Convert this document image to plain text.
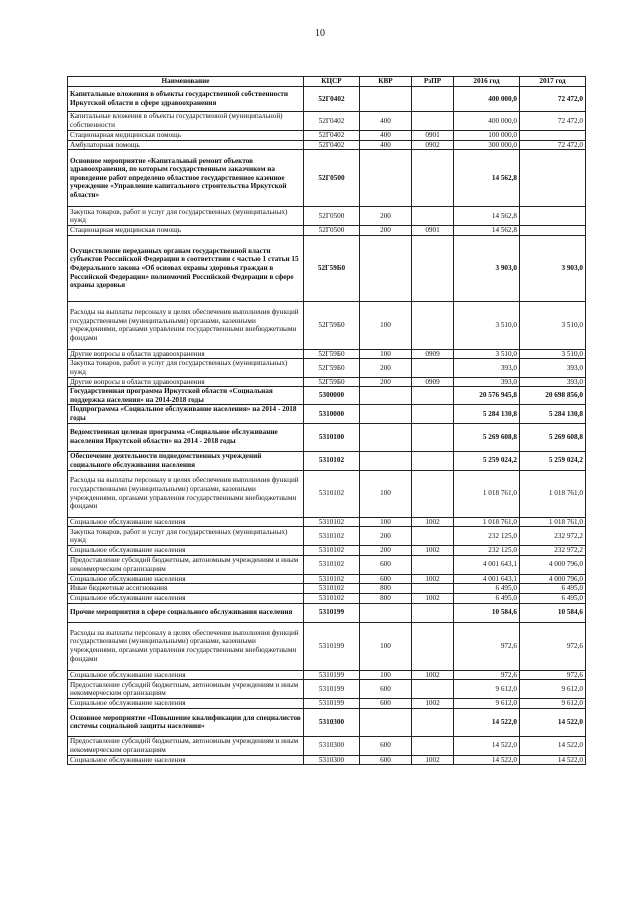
10
Наименование	КЦСР	КВР	РзПР	2016 год	2017 год
Капитальные вложения в объекты государственной собственности Иркутской области в сфере здравоохранения	52Г0402			400 000,0	72 472,0
Капитальные вложения в объекты государственной (муниципальной) собственности	52Г0402	400		400 000,0	72 472,0
Стационарная медицинская помощь	52Г0402	400	0901	100 000,0	
Амбулаторная помощь	52Г0402	400	0902	300 000,0	72 472,0
Основное мероприятие «Капитальный ремонт объектов здравоохранения, по которым государственным заказчиком на проведение работ определено областное государственное казенное учреждение «Управление капитального строительства Иркутской области»	52Г0500			14 562,8	
Закупка товаров, работ и услуг для государственных (муниципальных) нужд	52Г0500	200		14 562,8	
Стационарная медицинская помощь	52Г0500	200	0901	14 562,8	
Осуществление переданных органам государственной власти субъектов Российской Федерации в соответствии с частью 1 статьи 15 Федерального закона «Об основах охраны здоровья граждан в Российской Федерации» полномочий Российской Федерации в сфере охраны здоровья	52Г59Б0			3 903,0	3 903,0
Расходы на выплаты персоналу в целях обеспечения выполнения функций государственными (муниципальными) органами, казенными учреждениями, органами управления государственными внебюджетными фондами	52Г59Б0	100		3 510,0	3 510,0
Другие вопросы в области здравоохранения	52Г59Б0	100	0909	3 510,0	3 510,0
Закупка товаров, работ и услуг для государственных (муниципальных) нужд	52Г59Б0	200		393,0	393,0
Другие вопросы в области здравоохранения	52Г59Б0	200	0909	393,0	393,0
Государственная программа Иркутской области «Социальная поддержка населения» на 2014-2018 годы	5300000			20 576 945,8	20 698 856,0
Подпрограмма «Социальное обслуживание населения» на 2014 - 2018 годы	5310000			5 284 130,8	5 284 130,8
Ведомственная целевая программа «Социальное обслуживание населения Иркутской области» на 2014 - 2018 годы	5310100			5 269 608,8	5 269 608,8
Обеспечение деятельности подведомственных учреждений социального обслуживания населения	5310102			5 259 024,2	5 259 024,2
Расходы на выплаты персоналу в целях обеспечения выполнения функций государственными (муниципальными) органами, казенными учреждениями, органами управления государственными внебюджетными фондами	5310102	100		1 018 761,0	1 018 761,0
Социальное обслуживание населения	5310102	100	1002	1 018 761,0	1 018 761,0
Закупка товаров, работ и услуг для государственных (муниципальных) нужд	5310102	200		232 125,0	232 972,2
Социальное обслуживание населения	5310102	200	1002	232 125,0	232 972,2
Предоставление субсидий бюджетным, автономным учреждениям и иным некоммерческим организациям	5310102	600		4 001 643,1	4 000 796,0
Социальное обслуживание населения	5310102	600	1002	4 001 643,1	4 000 796,0
Иные бюджетные ассигнования	5310102	800		6 495,0	6 495,0
Социальное обслуживание населения	5310102	800	1002	6 495,0	6 495,0
Прочие мероприятия в сфере социального обслуживания населения	5310199			10 584,6	10 584,6
Расходы на выплаты персоналу в целях обеспечения выполнения функций государственными (муниципальными) органами, казенными учреждениями, органами управления государственными внебюджетными фондами	5310199	100		972,6	972,6
Социальное обслуживание населения	5310199	100	1002	972,6	972,6
Предоставление субсидий бюджетным, автономным учреждениям и иным некоммерческим организациям	5310199	600		9 612,0	9 612,0
Социальное обслуживание населения	5310199	600	1002	9 612,0	9 612,0
Основное мероприятие «Повышение квалификации для специалистов системы социальной защиты населения»	5310300			14 522,0	14 522,0
Предоставление субсидий бюджетным, автономным учреждениям и иным некоммерческим организациям	5310300	600		14 522,0	14 522,0
Социальное обслуживание населения	5310300	600	1002	14 522,0	14 522,0
